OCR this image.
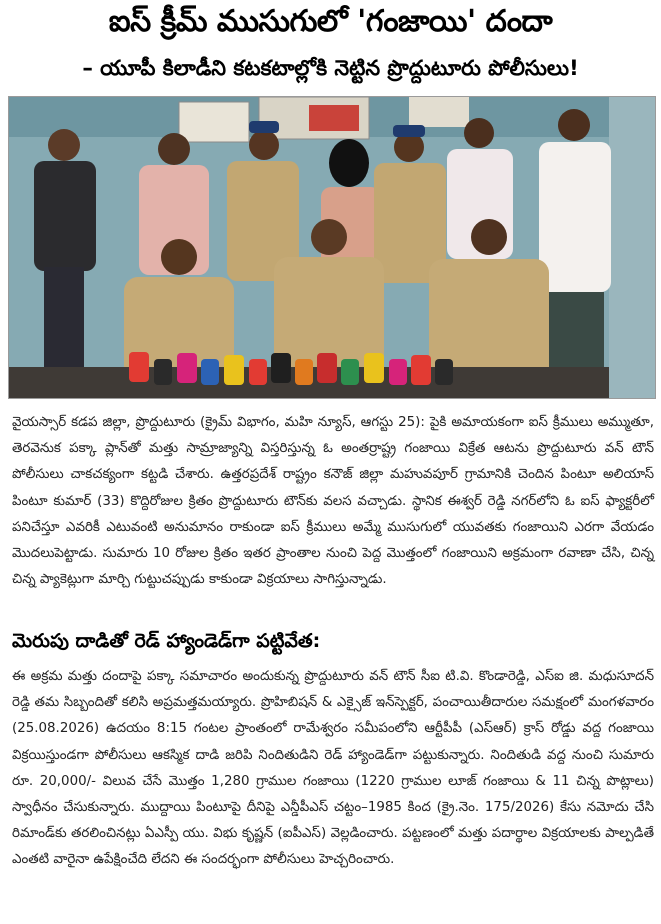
ఐస్ క్రీమ్ ముసుగులో 'గంజాయి' దందా
– యూపీ కిలాడీని కటకటాల్లోకి నెట్టిన ప్రొద్దుటూరు పోలీసులు!

వైయస్సార్ కడప జిల్లా, ప్రొద్దుటూరు (క్రైమ్ విభాగం, మహి న్యూస్, ఆగస్టు 25): పైకి అమాయకంగా ఐస్ క్రీములు అమ్ముతూ, తెరవెనుక పక్కా ప్లాన్‌తో మత్తు సామ్రాజ్యాన్ని విస్తరిస్తున్న ఓ అంతర్రాష్ట్ర గంజాయి విక్రేత ఆటను ప్రొద్దుటూరు వన్ టౌన్ పోలీసులు చాకచక్యంగా కట్టడి చేశారు. ఉత్తరప్రదేశ్ రాష్ట్రం కనౌజ్ జిల్లా మహువపూర్ గ్రామానికి చెందిన పింటూ అలియాస్ పింటూ కుమార్ (33) కొద్దిరోజుల క్రితం ప్రొద్దుటూరు టౌన్‌కు వలస వచ్చాడు. స్థానిక ఈశ్వర్ రెడ్డి నగర్‌లోని ఓ ఐస్ ఫ్యాక్టరీలో పనిచేస్తూ ఎవరికీ ఎటువంటి అనుమానం రాకుండా ఐస్ క్రీములు అమ్మే ముసుగులో యువతకు గంజాయిని ఎరగా వేయడం మొదలుపెట్టాడు. సుమారు 10 రోజుల క్రితం ఇతర ప్రాంతాల నుంచి పెద్ద మొత్తంలో గంజాయిని అక్రమంగా రవాణా చేసి, చిన్న చిన్న ప్యాకెట్లుగా మార్చి గుట్టుచప్పుడు కాకుండా విక్రయాలు సాగిస్తున్నాడు.

మెరుపు దాడితో రెడ్ హ్యాండెడ్‌గా పట్టివేత:

ఈ అక్రమ మత్తు దందాపై పక్కా సమాచారం అందుకున్న ప్రొద్దుటూరు వన్ టౌన్ సీఐ టి.వి. కొండారెడ్డి, ఎస్ఐ జి. మధుసూదన్ రెడ్డి తమ సిబ్బందితో కలిసి అప్రమత్తమయ్యారు. ప్రొహిబిషన్ & ఎక్సైజ్ ఇన్‌స్పెక్టర్, పంచాయితీదారుల సమక్షంలో మంగళవారం (25.08.2026) ఉదయం 8:15 గంటల ప్రాంతంలో రామేశ్వరం సమీపంలోని ఆర్టీపీపీ (ఎస్ఆర్) క్రాస్ రోడ్డు వద్ద గంజాయి విక్రయిస్తుండగా పోలీసులు ఆకస్మిక దాడి జరిపి నిందితుడిని రెడ్ హ్యాండెడ్‌గా పట్టుకున్నారు. నిందితుడి వద్ద నుంచి సుమారు రూ. 20,000/- విలువ చేసే మొత్తం 1,280 గ్రాముల గంజాయి (1220 గ్రాముల లూజ్ గంజాయి & 11 చిన్న పొట్లాలు) స్వాధీనం చేసుకున్నారు. ముద్దాయి పింటూపై దీనిపై ఎన్డీపీఎస్ చట్టం–1985 కింద (క్రై.నెం. 175/2026) కేసు నమోదు చేసి రిమాండ్‌కు తరలించినట్లు ఏఎస్పీ యు. విభు కృష్ణన్ (ఐపీఎస్) వెల్లడించారు. పట్టణంలో మత్తు పదార్థాల విక్రయాలకు పాల్పడితే ఎంతటి వారైనా ఉపేక్షించేది లేదని ఈ సందర్భంగా పోలీసులు హెచ్చరించారు.
